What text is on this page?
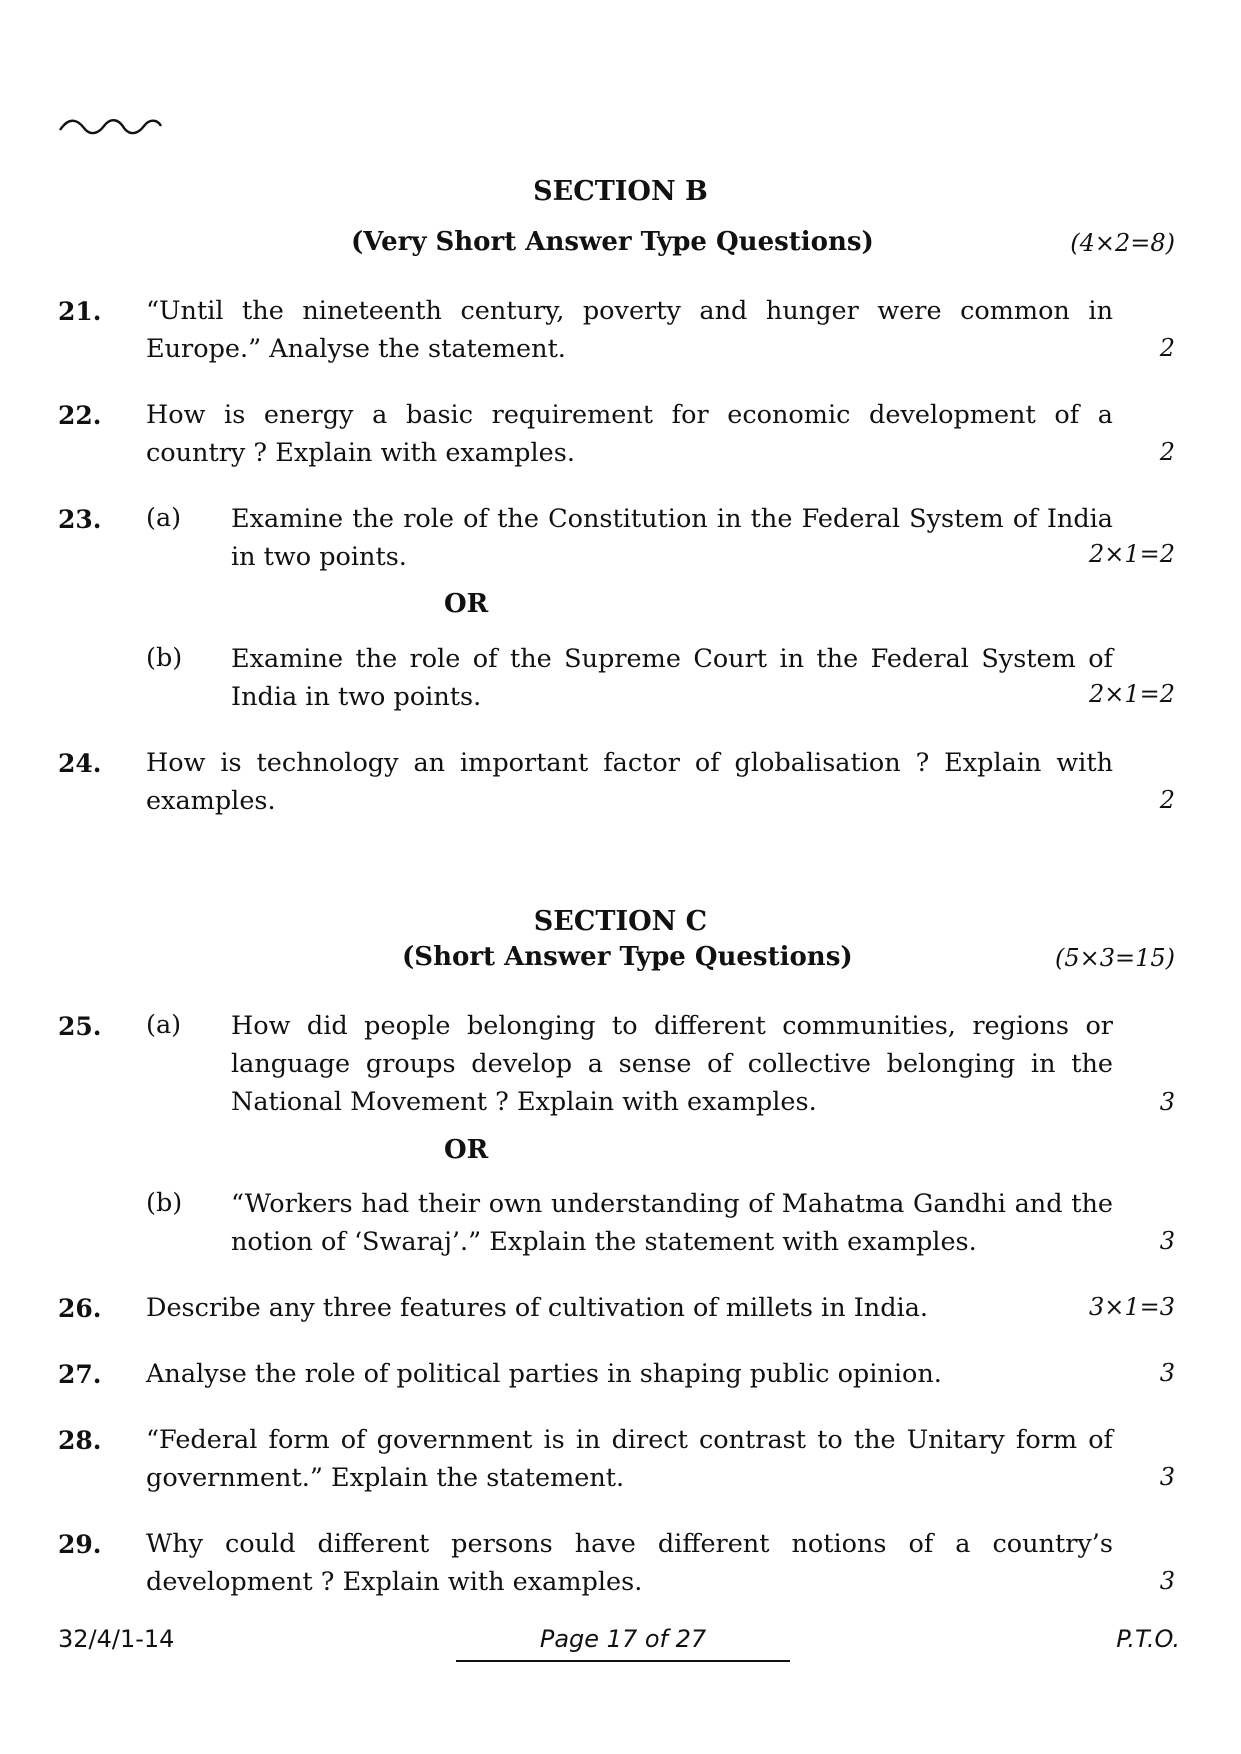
SECTION B
(Very Short Answer Type Questions)	(4×2=8)
21. “Until the nineteenth century, poverty and hunger were common in Europe.” Analyse the statement.	2
22. How is energy a basic requirement for economic development of a country ? Explain with examples.	2
23. (a) Examine the role of the Constitution in the Federal System of India in two points.	2×1=2
OR
(b) Examine the role of the Supreme Court in the Federal System of India in two points.	2×1=2
24. How is technology an important factor of globalisation ? Explain with examples.	2
SECTION C
(Short Answer Type Questions)	(5×3=15)
25. (a) How did people belonging to different communities, regions or language groups develop a sense of collective belonging in the National Movement ? Explain with examples.	3
OR
(b) “Workers had their own understanding of Mahatma Gandhi and the notion of ‘Swaraj’.” Explain the statement with examples.	3
26. Describe any three features of cultivation of millets in India.	3×1=3
27. Analyse the role of political parties in shaping public opinion.	3
28. “Federal form of government is in direct contrast to the Unitary form of government.” Explain the statement.	3
29. Why could different persons have different notions of a country’s development ? Explain with examples.	3
32/4/1-14	Page 17 of 27	P.T.O.
